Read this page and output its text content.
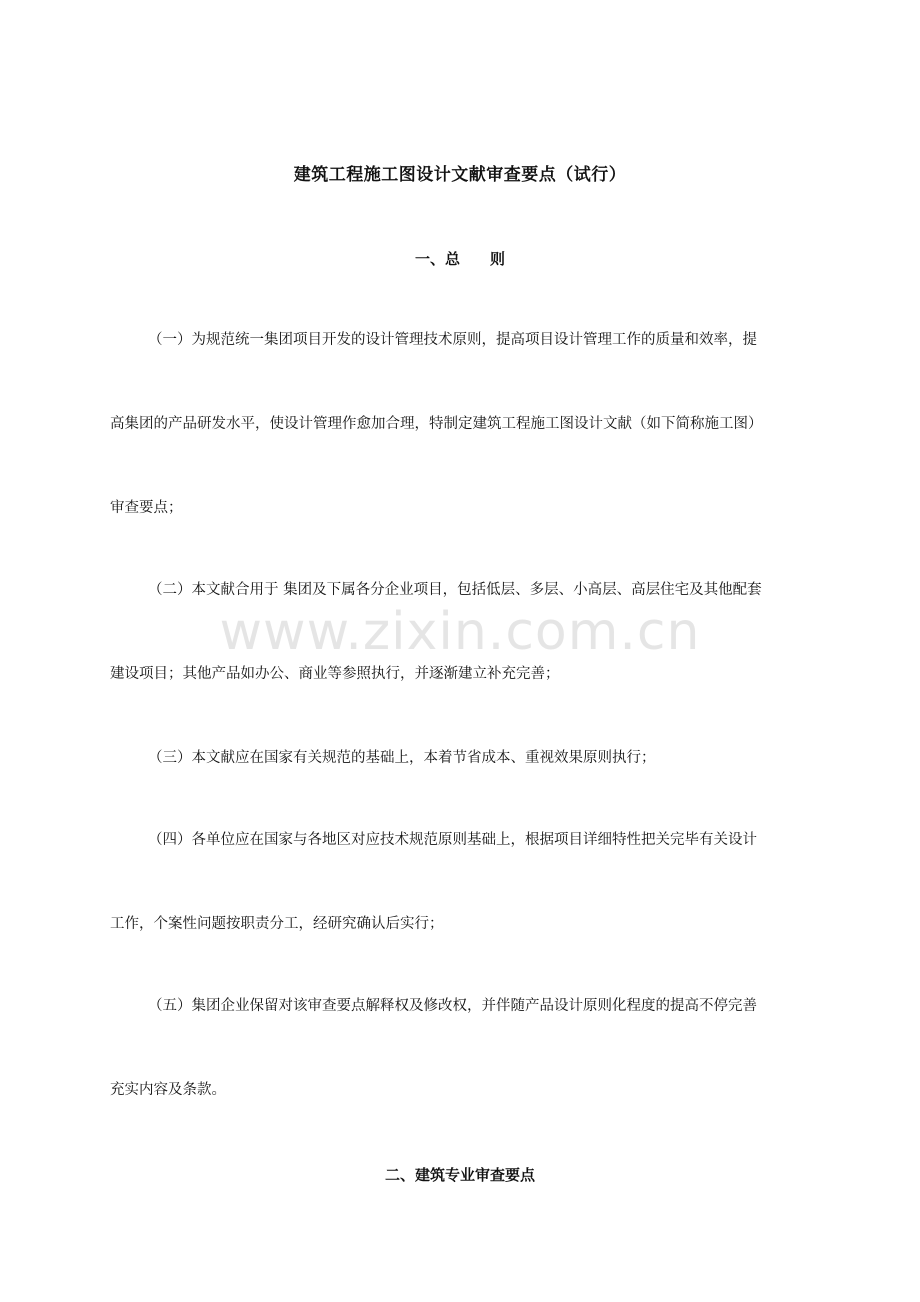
建筑工程施工图设计文献审查要点（试行）
一、总　　则
（一）为规范统一集团项目开发的设计管理技术原则，提高项目设计管理工作的质量和效率，提
高集团的产品研发水平，使设计管理作愈加合理，特制定建筑工程施工图设计文献（如下简称施工图）
审查要点；
（二）本文献合用于 集团及下属各分企业项目，包括低层、多层、小高层、高层住宅及其他配套
建设项目；其他产品如办公、商业等参照执行，并逐渐建立补充完善；
（三）本文献应在国家有关规范的基础上，本着节省成本、重视效果原则执行；
（四）各单位应在国家与各地区对应技术规范原则基础上，根据项目详细特性把关完毕有关设计
工作，个案性问题按职责分工，经研究确认后实行；
（五）集团企业保留对该审查要点解释权及修改权，并伴随产品设计原则化程度的提高不停完善
充实内容及条款。
二、建筑专业审查要点
www.zixin.com.cn
